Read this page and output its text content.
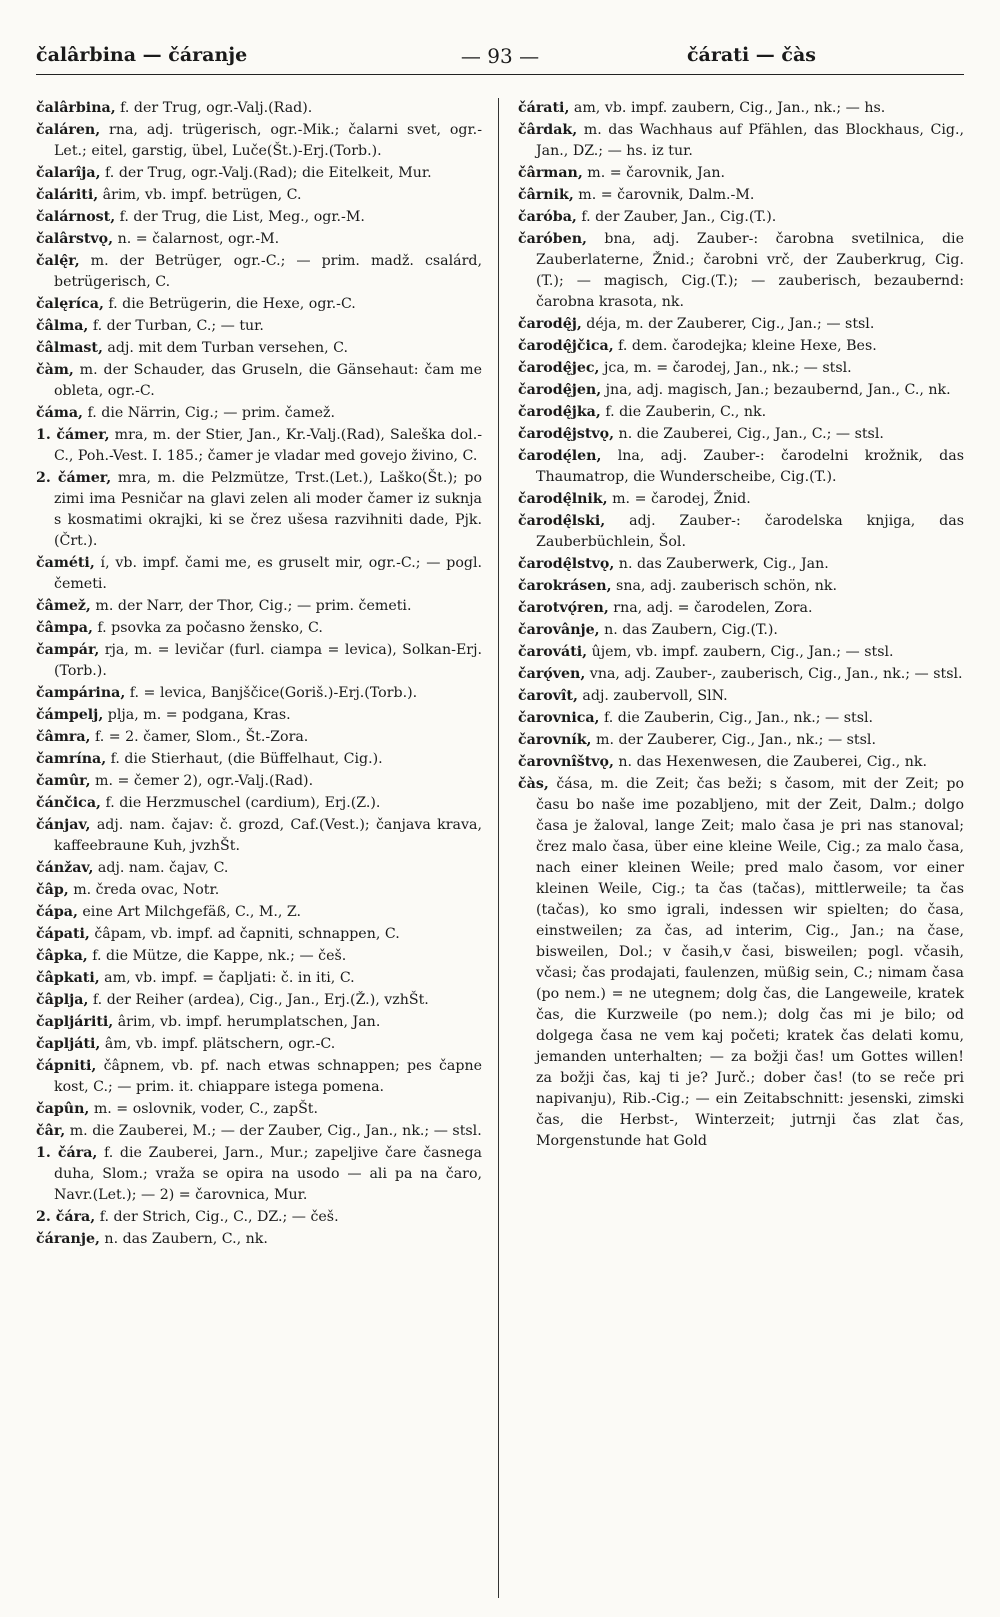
čalârbina — čáranje	— 93 —	čárati — čàs

čalârbina, f. der Trug, ogr.-Valj.(Rad).

čaláren, rna, adj. trügerisch, ogr.-Mik.; čalarni svet, ogr.-Let.; eitel, garstig, übel, Luče(Št.)-Erj.(Torb.).

čalarîja, f. der Trug, ogr.-Valj.(Rad); die Eitelkeit, Mur.

čaláriti, ârim, vb. impf. betrügen, C.

čalárnost, f. der Trug, die List, Meg., ogr.-M.

čalârstvǫ, n. = čalarnost, ogr.-M.

čalę̂r, m. der Betrüger, ogr.-C.; — prim. madž. csalárd, betrügerisch, C.

čalęríca, f. die Betrügerin, die Hexe, ogr.-C.

čâlma, f. der Turban, C.; — tur.

čâlmast, adj. mit dem Turban versehen, C.

čàm, m. der Schauder, das Gruseln, die Gänsehaut: čam me obleta, ogr.-C.

čáma, f. die Närrin, Cig.; — prim. čamež.

1. čámer, mra, m. der Stier, Jan., Kr.-Valj.(Rad), Saleška dol.-C., Poh.-Vest. I. 185.; čamer je vladar med govejo živino, C.

2. čámer, mra, m. die Pelzmütze, Trst.(Let.), Laško(Št.); po zimi ima Pesničar na glavi zelen ali moder čamer iz suknja s kosmatimi okrajki, ki se črez ušesa razvihniti dade, Pjk.(Črt.).

čaméti, í, vb. impf. čami me, es gruselt mir, ogr.-C.; — pogl. čemeti.

čâmež, m. der Narr, der Thor, Cig.; — prim. čemeti.

čâmpa, f. psovka za počasno žensko, C.

čampár, rja, m. = levičar (furl. ciampa = levica), Solkan-Erj.(Torb.).

čampárina, f. = levica, Banjščice(Goriš.)-Erj.(Torb.).

čámpelj, plja, m. = podgana, Kras.

čâmra, f. = 2. čamer, Slom., Št.-Zora.

čamrína, f. die Stierhaut, (die Büffelhaut, Cig.).

čamûr, m. = čemer 2), ogr.-Valj.(Rad).

čánčica, f. die Herzmuschel (cardium), Erj.(Z.).

čánjav, adj. nam. čajav: č. grozd, Caf.(Vest.); čanjava krava, kaffeebraune Kuh, jvzhŠt.

čánžav, adj. nam. čajav, C.

čâp, m. čreda ovac, Notr.

čápa, eine Art Milchgefäß, C., M., Z.

čápati, čâpam, vb. impf. ad čapniti, schnappen, C.

čâpka, f. die Mütze, die Kappe, nk.; — češ.

čâpkati, am, vb. impf. = čapljati: č. in iti, C.

čâplja, f. der Reiher (ardea), Cig., Jan., Erj.(Ž.), vzhŠt.

čapljáriti, ârim, vb. impf. herumplatschen, Jan.

čapljáti, âm, vb. impf. plätschern, ogr.-C.

čápniti, čâpnem, vb. pf. nach etwas schnappen; pes čapne kost, C.; — prim. it. chiappare istega pomena.

čapûn, m. = oslovnik, voder, C., zapŠt.

čâr, m. die Zauberei, M.; — der Zauber, Cig., Jan., nk.; — stsl.

1. čára, f. die Zauberei, Jarn., Mur.; zapeljive čare časnega duha, Slom.; vraža se opira na usodo — ali pa na čaro, Navr.(Let.); — 2) = čarovnica, Mur.

2. čára, f. der Strich, Cig., C., DZ.; — češ.

čáranje, n. das Zaubern, C., nk.

čárati, am, vb. impf. zaubern, Cig., Jan., nk.; — hs.

čârdak, m. das Wachhaus auf Pfählen, das Blockhaus, Cig., Jan., DZ.; — hs. iz tur.

čârman, m. = čarovnik, Jan.

čârnik, m. = čarovnik, Dalm.-M.

čaróba, f. der Zauber, Jan., Cig.(T.).

čaróben, bna, adj. Zauber-: čarobna svetilnica, die Zauberlaterne, Žnid.; čarobni vrč, der Zauberkrug, Cig.(T.); — magisch, Cig.(T.); — zauberisch, bezaubernd: čarobna krasota, nk.

čarodę̂j, déja, m. der Zauberer, Cig., Jan.; — stsl.

čarodę̂jčica, f. dem. čarodejka; kleine Hexe, Bes.

čarodę̂jec, jca, m. = čarodej, Jan., nk.; — stsl.

čarodę̂jen, jna, adj. magisch, Jan.; bezaubernd, Jan., C., nk.

čarodę̂jka, f. die Zauberin, C., nk.

čarodę̂jstvǫ, n. die Zauberei, Cig., Jan., C.; — stsl.

čarodę́len, lna, adj. Zauber-: čarodelni krožnik, das Thaumatrop, die Wunderscheibe, Cig.(T.).

čarodę̂lnik, m. = čarodej, Žnid.

čarodę̂lski, adj. Zauber-: čarodelska knjiga, das Zauberbüchlein, Šol.

čarodę̂lstvǫ, n. das Zauberwerk, Cig., Jan.

čarokrásen, sna, adj. zauberisch schön, nk.

čarotvǫ́ren, rna, adj. = čarodelen, Zora.

čarovânje, n. das Zaubern, Cig.(T.).

čarováti, ûjem, vb. impf. zaubern, Cig., Jan.; — stsl.

čarǫ́ven, vna, adj. Zauber-, zauberisch, Cig., Jan., nk.; — stsl.

čarovît, adj. zaubervoll, SlN.

čarovnica, f. die Zauberin, Cig., Jan., nk.; — stsl.

čarovník, m. der Zauberer, Cig., Jan., nk.; — stsl.

čarovnîštvǫ, n. das Hexenwesen, die Zauberei, Cig., nk.

čàs, čása, m. die Zeit; čas beži; s časom, mit der Zeit; po času bo naše ime pozabljeno, mit der Zeit, Dalm.; dolgo časa je žaloval, lange Zeit; malo časa je pri nas stanoval; črez malo časa, über eine kleine Weile, Cig.; za malo časa, nach einer kleinen Weile; pred malo časom, vor einer kleinen Weile, Cig.; ta čas (tačas), mittlerweile; ta čas (tačas), ko smo igrali, indessen wir spielten; do časa, einstweilen; za čas, ad interim, Cig., Jan.; na čase, bisweilen, Dol.; v časih,v časi, bisweilen; pogl. včasih, včasi; čas prodajati, faulenzen, müßig sein, C.; nimam časa (po nem.) = ne utegnem; dolg čas, die Langeweile, kratek čas, die Kurzweile (po nem.); dolg čas mi je bilo; od dolgega časa ne vem kaj početi; kratek čas delati komu, jemanden unterhalten; — za božji čas! um Gottes willen! za božji čas, kaj ti je? Jurč.; dober čas! (to se reče pri napivanju), Rib.-Cig.; — ein Zeitabschnitt: jesenski, zimski čas, die Herbst-, Winterzeit; jutrnji čas zlat čas, Morgenstunde hat Gold
